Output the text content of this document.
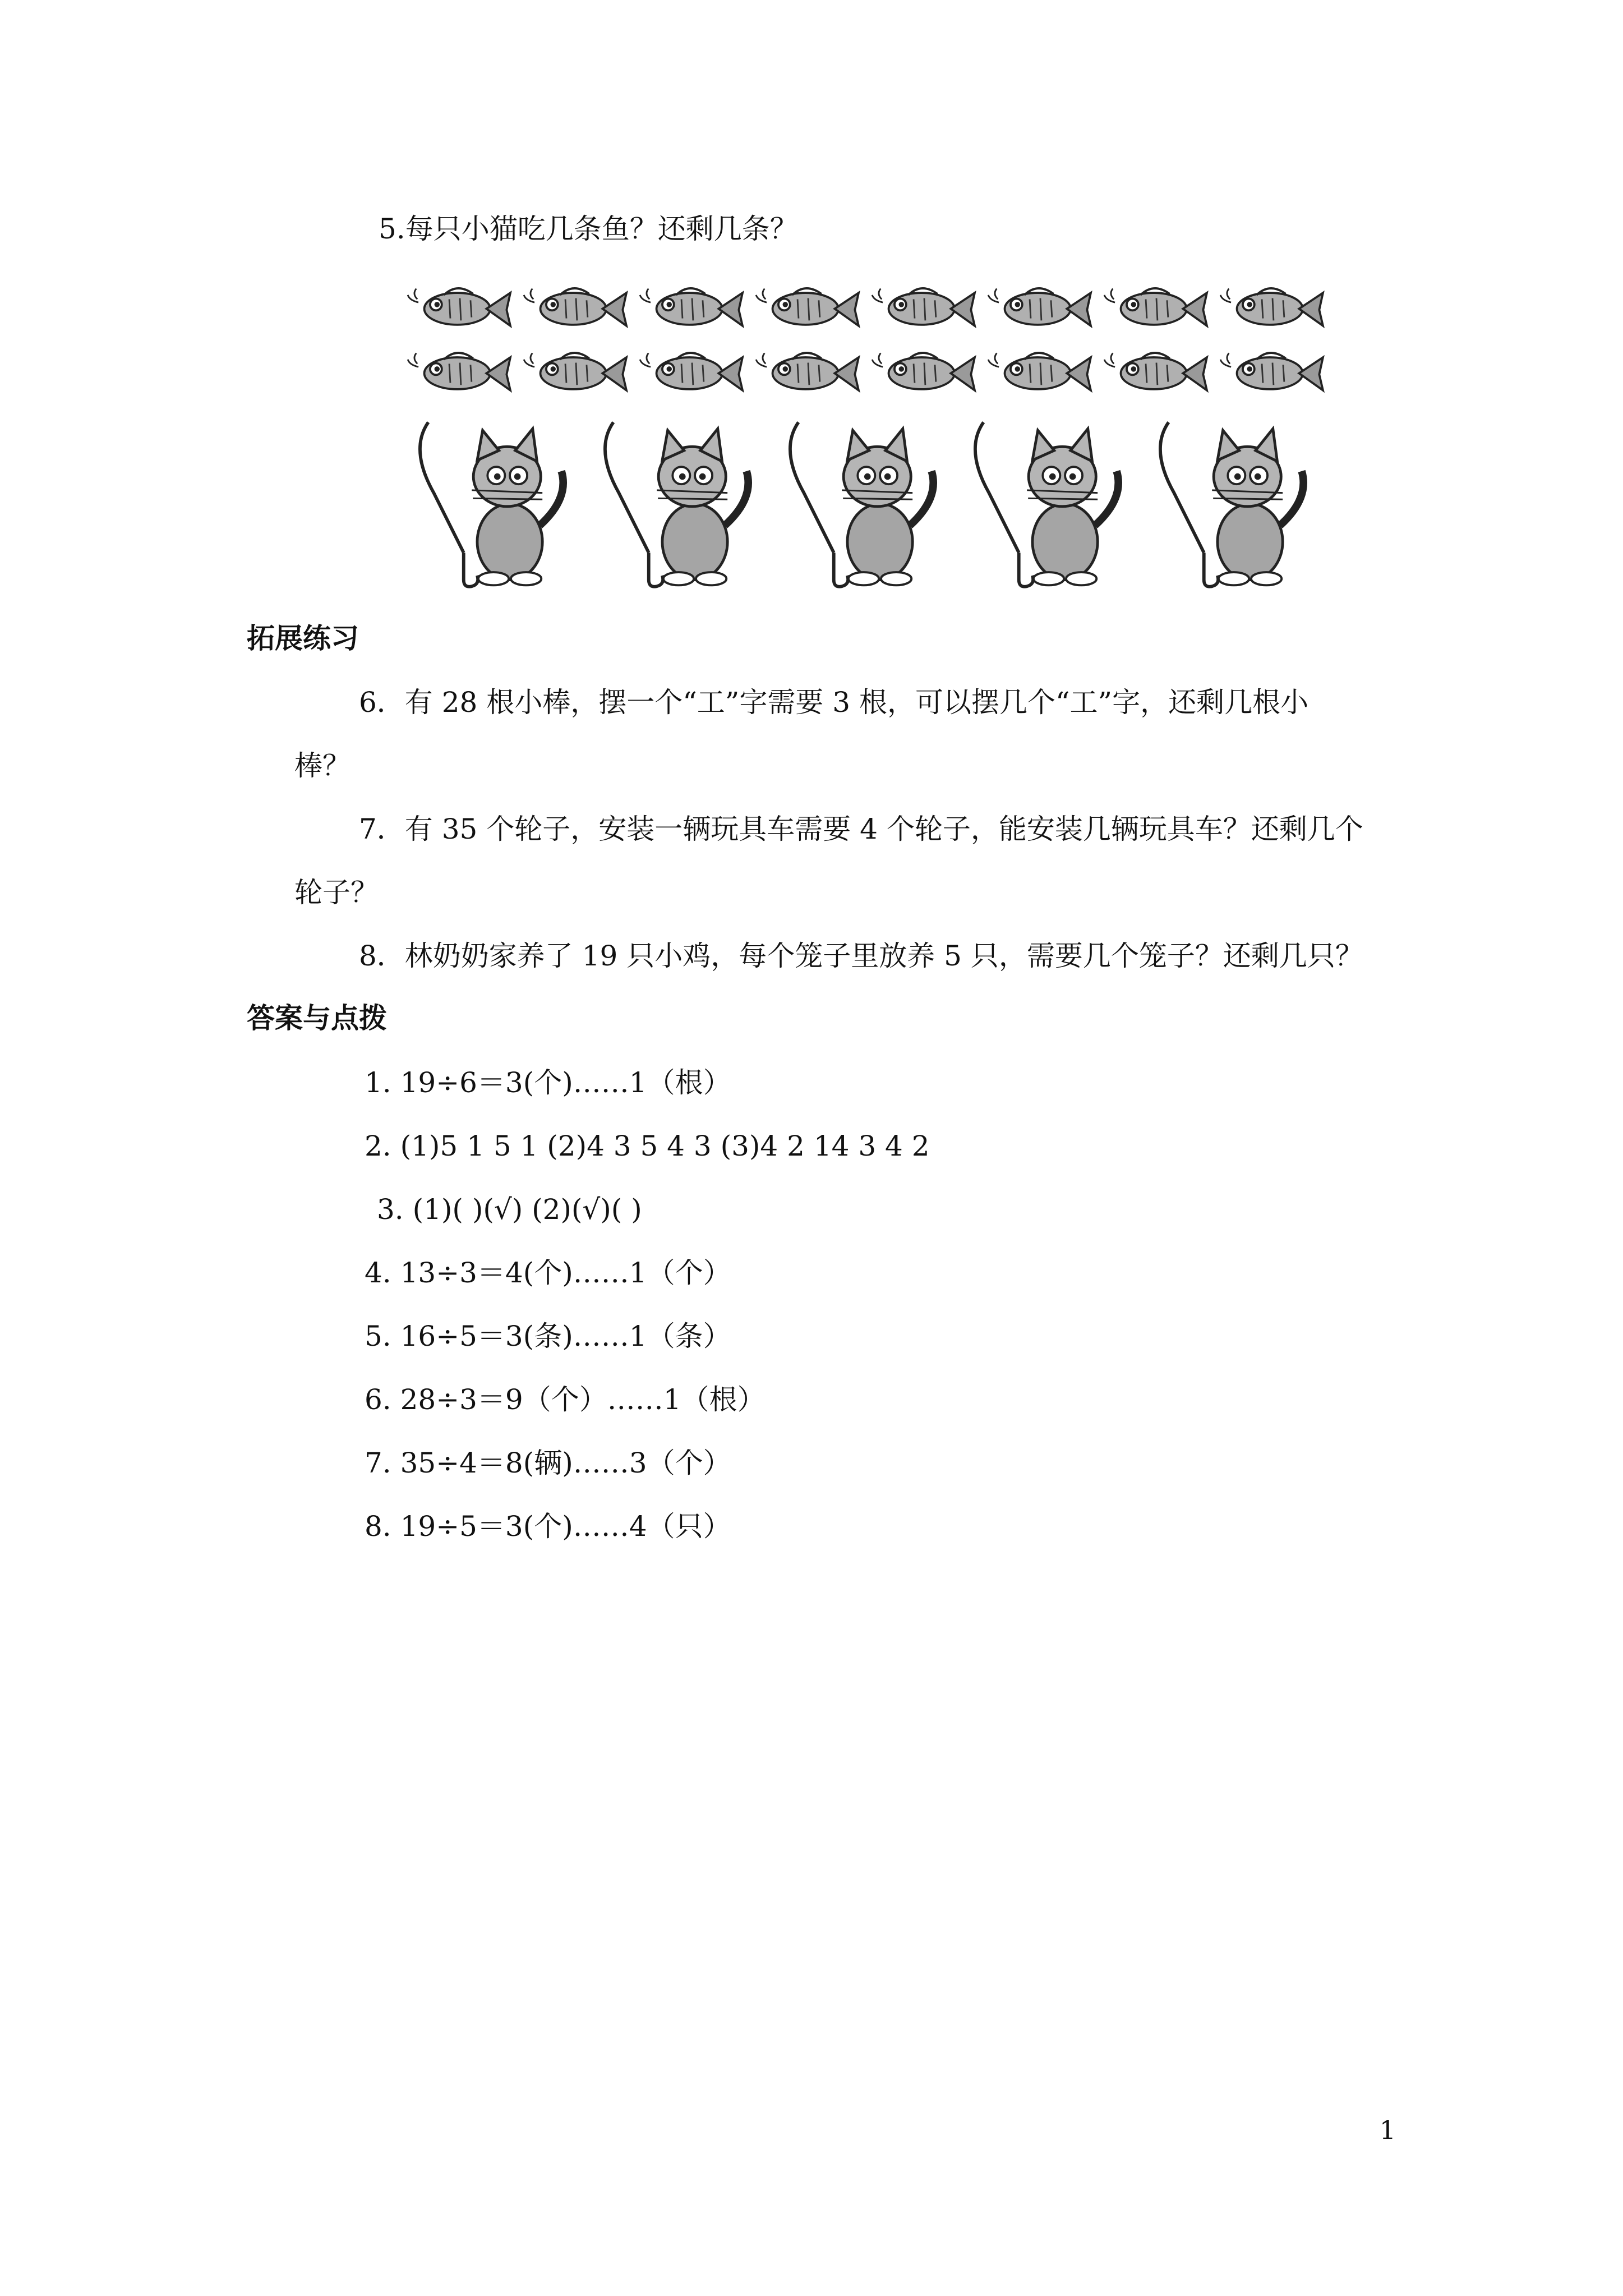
5.每只小猫吃几条鱼？还剩几条？
拓展练习
6．有 28 根小棒，摆一个“工”字需要 3 根，可以摆几个“工”字，还剩几根小
棒？
7．有 35 个轮子，安装一辆玩具车需要 4 个轮子，能安装几辆玩具车？还剩几个
轮子？
8．林奶奶家养了 19 只小鸡，每个笼子里放养 5 只，需要几个笼子？还剩几只？
答案与点拨
1. 19÷6＝3(个)……1（根）
2. (1)5 1 5 1 (2)4 3 5 4 3 (3)4 2 14 3 4 2
3. (1)( )(√) (2)(√)( )
4. 13÷3＝4(个)……1（个）
5. 16÷5＝3(条)……1（条）
6. 28÷3＝9（个）……1（根）
7. 35÷4＝8(辆)……3（个）
8. 19÷5＝3(个)……4（只）
1
